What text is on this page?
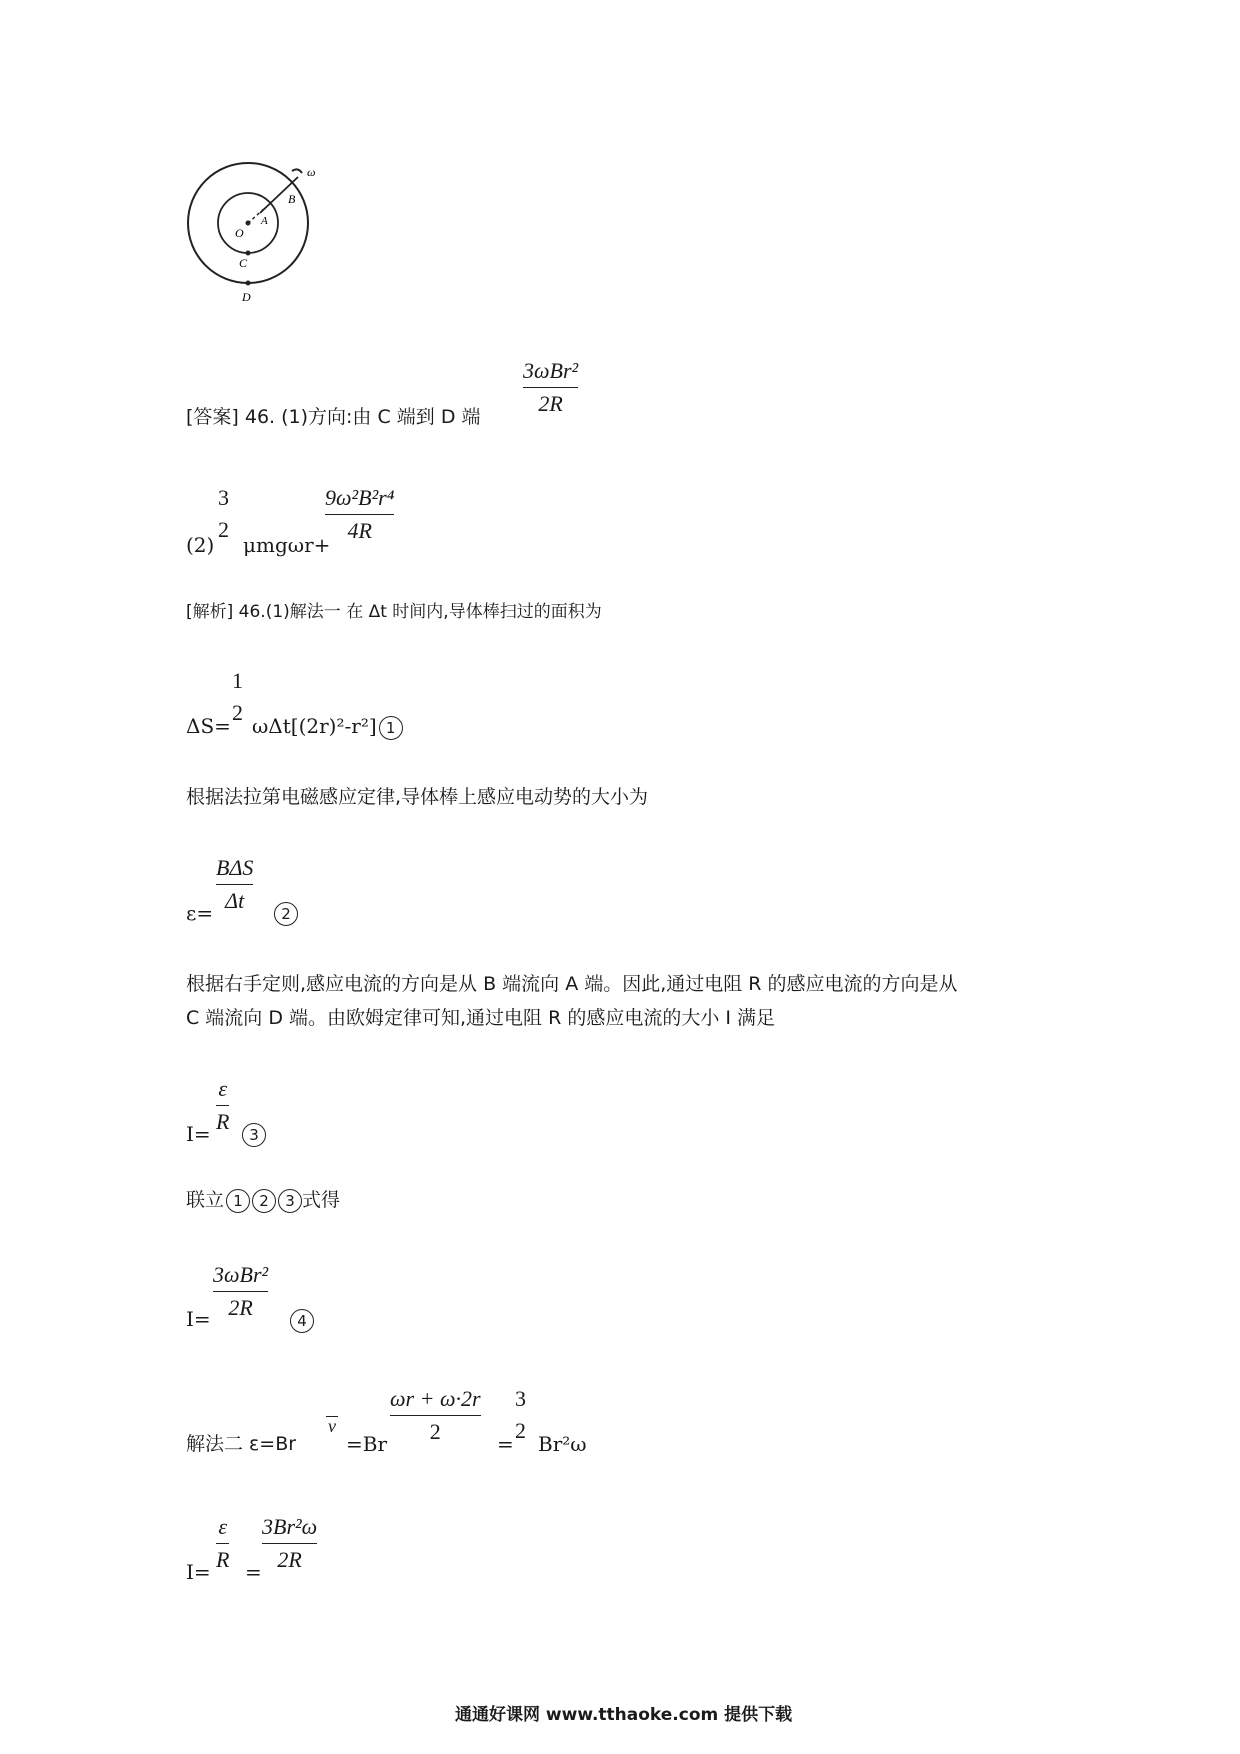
ω
B
A
O
C
D
[答案] 46. (1)方向:由 C 端到 D 端
3ωBr²
2R
(2)
3
2
μmgωr+
9ω²B²r⁴
4R
[解析] 46.(1)解法一 在 Δt 时间内,导体棒扫过的面积为
ΔS=
1
2
ωΔt[(2r)²-r²] 1
根据法拉第电磁感应定律,导体棒上感应电动势的大小为
ε=
BΔS
Δt
2
根据右手定则,感应电流的方向是从 B 端流向 A 端。因此,通过电阻 R 的感应电流的方向是从
C 端流向 D 端。由欧姆定律可知,通过电阻 R 的感应电流的大小 I 满足
I=
ε
R
3
联立 1 2 3 式得
I=
3ωBr²
2R
4
解法二 ε=Br
v
=Br
ωr + ω·2r
2	=
3
2
Br²ω
I=
ε
R =
3Br²ω
2R
通通好课网 www.tthaoke.com 提供下载
